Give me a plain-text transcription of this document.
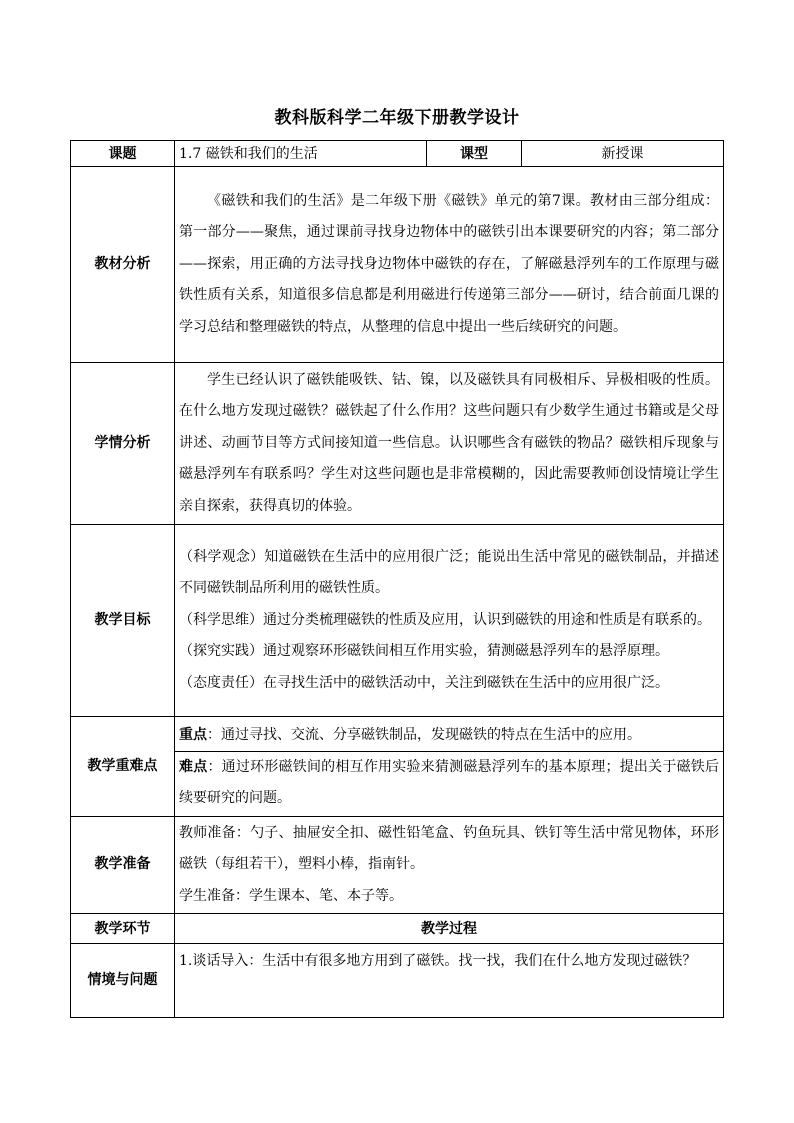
教科版科学二年级下册教学设计
课题	1.7 磁铁和我们的生活	课型	新授课
教材分析	《磁铁和我们的生活》是二年级下册《磁铁》单元的第7课。教材由三部分组成：第一部分——聚焦，通过课前寻找身边物体中的磁铁引出本课要研究的内容；第二部分——探索，用正确的方法寻找身边物体中磁铁的存在，了解磁悬浮列车的工作原理与磁铁性质有关系，知道很多信息都是利用磁进行传递第三部分——研讨，结合前面几课的学习总结和整理磁铁的特点，从整理的信息中提出一些后续研究的问题。		

学情分析	学生已经认识了磁铁能吸铁、钴、镍，以及磁铁具有同极相斥、异极相吸的性质。在什么地方发现过磁铁？磁铁起了什么作用？这些问题只有少数学生通过书籍或是父母讲述、动画节目等方式间接知道一些信息。认识哪些含有磁铁的物品？磁铁相斥现象与磁悬浮列车有联系吗？学生对这些问题也是非常模糊的，因此需要教师创设情境让学生亲自探索，获得真切的体验。		

教学目标	（科学观念）知道磁铁在生活中的应用很广泛；能说出生活中常见的磁铁制品，并描述不同磁铁制品所利用的磁铁性质。

（科学思维）通过分类梳理磁铁的性质及应用，认识到磁铁的用途和性质是有联系的。

（探究实践）通过观察环形磁铁间相互作用实验，猜测磁悬浮列车的悬浮原理。

（态度责任）在寻找生活中的磁铁活动中，关注到磁铁在生活中的应用很广泛。		

教学重难点	重点：通过寻找、交流、分享磁铁制品，发现磁铁的特点在生活中的应用。
难点：通过环形磁铁间的相互作用实验来猜测磁悬浮列车的基本原理；提出关于磁铁后续要研究的问题。		

教学准备	教师准备：勺子、抽屉安全扣、磁性铅笔盒、钓鱼玩具、铁钉等生活中常见物体，环形磁铁（每组若干），塑料小棒，指南针。

学生准备：学生课本、笔、本子等。		

教学环节	教学过程		
情境与问题	1.谈话导入：生活中有很多地方用到了磁铁。找一找，我们在什么地方发现过磁铁？		
